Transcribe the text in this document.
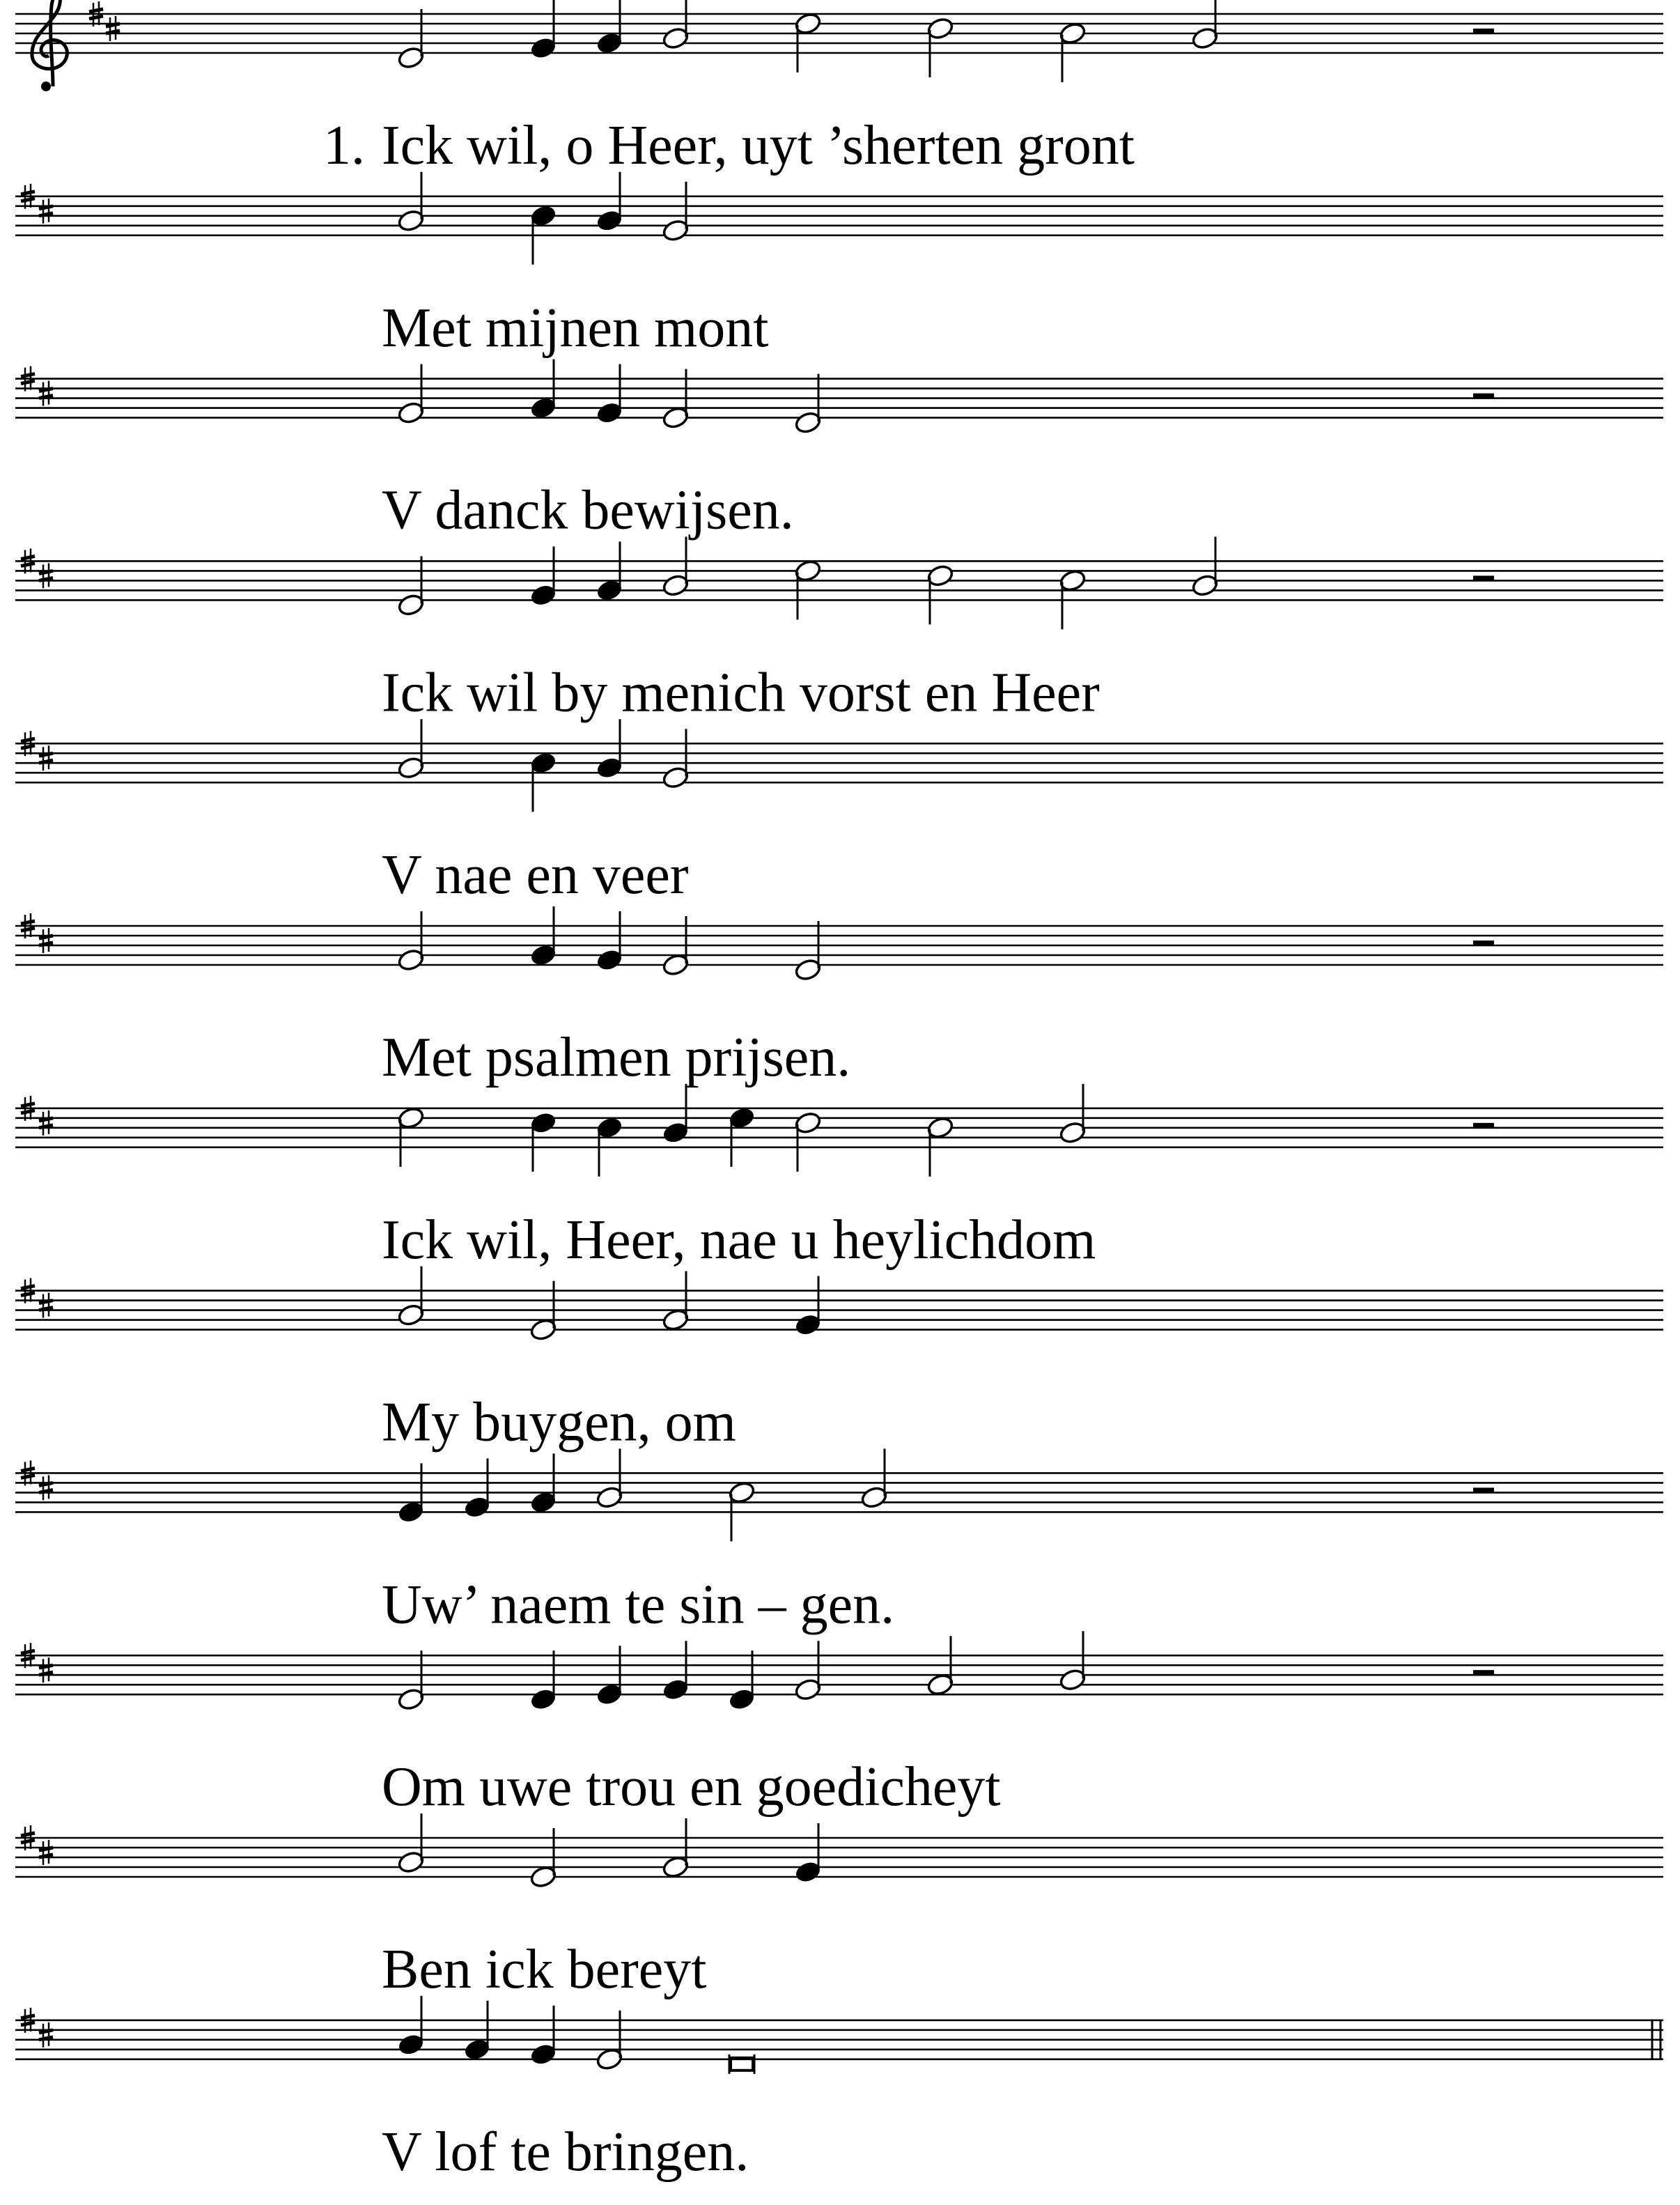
1. Ick wil, o Heer, uyt ’sherten gront
Met mijnen mont
V danck bewijsen.
Ick wil by menich vorst en Heer
V nae en veer
Met psalmen prijsen.
Ick wil, Heer, nae u heylichdom
My buygen, om
Uw’ naem te sin – gen.
Om uwe trou en goedicheyt
Ben ick bereyt
V lof te bringen.
